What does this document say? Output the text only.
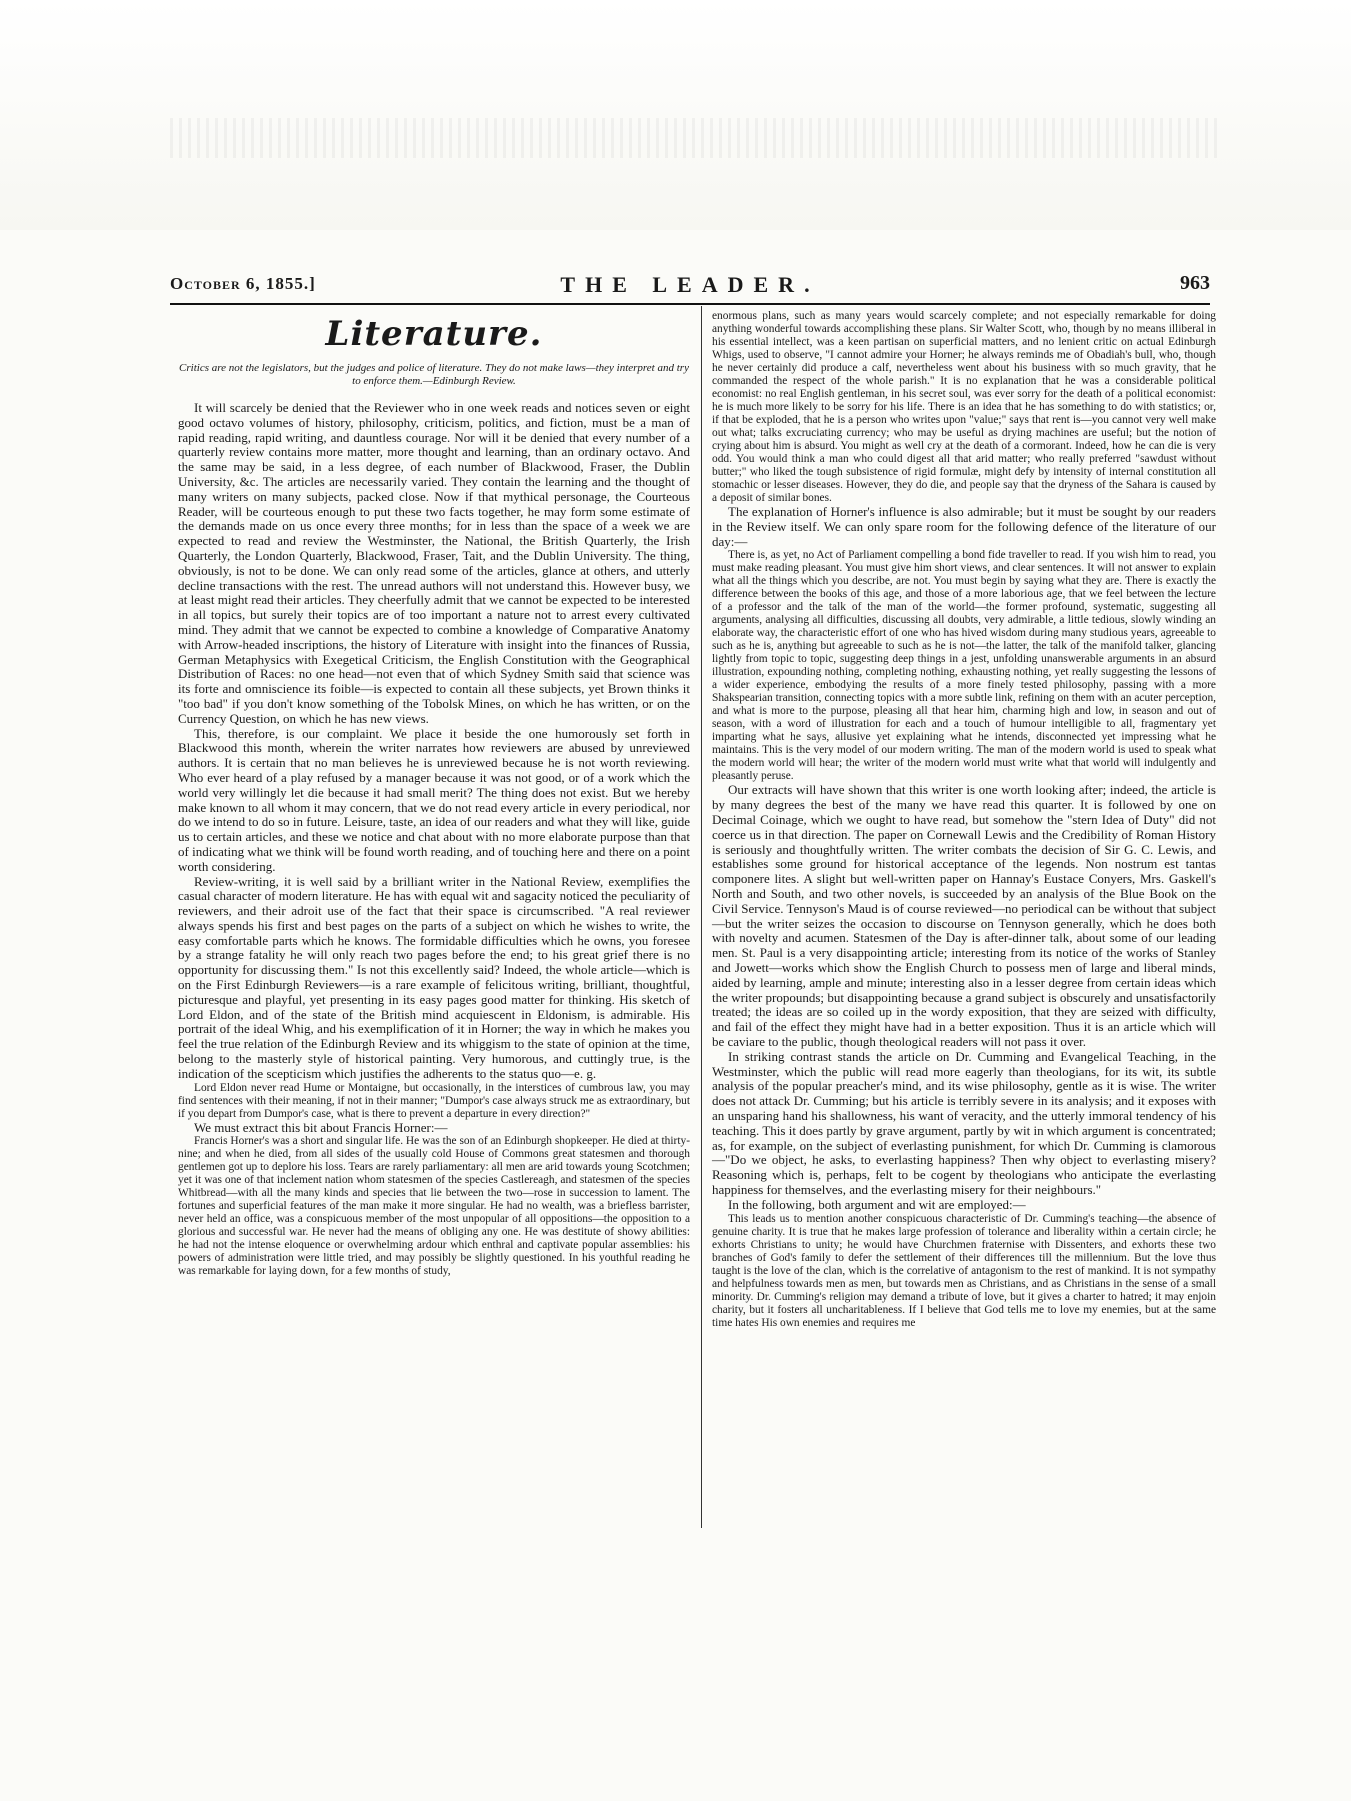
October 6, 1855.]	THE LEADER.	963
Literature.
Critics are not the legislators, but the judges and police of literature. They do not make laws—they interpret and try to enforce them.—Edinburgh Review.

It will scarcely be denied that the Reviewer who in one week reads and notices seven or eight good octavo volumes of history, philosophy, criticism, politics, and fiction, must be a man of rapid reading, rapid writing, and dauntless courage. Nor will it be denied that every number of a quarterly review contains more matter, more thought and learning, than an ordinary octavo. And the same may be said, in a less degree, of each number of Blackwood, Fraser, the Dublin University, &c. The articles are necessarily varied. They contain the learning and the thought of many writers on many subjects, packed close. Now if that mythical personage, the Courteous Reader, will be courteous enough to put these two facts together, he may form some estimate of the demands made on us once every three months; for in less than the space of a week we are expected to read and review the Westminster, the National, the British Quarterly, the Irish Quarterly, the London Quarterly, Blackwood, Fraser, Tait, and the Dublin University. The thing, obviously, is not to be done. We can only read some of the articles, glance at others, and utterly decline transactions with the rest. The unread authors will not understand this. However busy, we at least might read their articles. They cheerfully admit that we cannot be expected to be interested in all topics, but surely their topics are of too important a nature not to arrest every cultivated mind. They admit that we cannot be expected to combine a knowledge of Comparative Anatomy with Arrow-headed inscriptions, the history of Literature with insight into the finances of Russia, German Metaphysics with Exegetical Criticism, the English Constitution with the Geographical Distribution of Races: no one head—not even that of which Sydney Smith said that science was its forte and omniscience its foible—is expected to contain all these subjects, yet Brown thinks it "too bad" if you don't know something of the Tobolsk Mines, on which he has written, or on the Currency Question, on which he has new views.

This, therefore, is our complaint. We place it beside the one humorously set forth in Blackwood this month, wherein the writer narrates how reviewers are abused by unreviewed authors. It is certain that no man believes he is unreviewed because he is not worth reviewing. Who ever heard of a play refused by a manager because it was not good, or of a work which the world very willingly let die because it had small merit? The thing does not exist. But we hereby make known to all whom it may concern, that we do not read every article in every periodical, nor do we intend to do so in future. Leisure, taste, an idea of our readers and what they will like, guide us to certain articles, and these we notice and chat about with no more elaborate purpose than that of indicating what we think will be found worth reading, and of touching here and there on a point worth considering.

Review-writing, it is well said by a brilliant writer in the National Review, exemplifies the casual character of modern literature. He has with equal wit and sagacity noticed the peculiarity of reviewers, and their adroit use of the fact that their space is circumscribed. "A real reviewer always spends his first and best pages on the parts of a subject on which he wishes to write, the easy comfortable parts which he knows. The formidable difficulties which he owns, you foresee by a strange fatality he will only reach two pages before the end; to his great grief there is no opportunity for discussing them." Is not this excellently said? Indeed, the whole article—which is on the First Edinburgh Reviewers—is a rare example of felicitous writing, brilliant, thoughtful, picturesque and playful, yet presenting in its easy pages good matter for thinking. His sketch of Lord Eldon, and of the state of the British mind acquiescent in Eldonism, is admirable. His portrait of the ideal Whig, and his exemplification of it in Horner; the way in which he makes you feel the true relation of the Edinburgh Review and its whiggism to the state of opinion at the time, belong to the masterly style of historical painting. Very humorous, and cuttingly true, is the indication of the scepticism which justifies the adherents to the status quo—e. g.

Lord Eldon never read Hume or Montaigne, but occasionally, in the interstices of cumbrous law, you may find sentences with their meaning, if not in their manner; "Dumpor's case always struck me as extraordinary, but if you depart from Dumpor's case, what is there to prevent a departure in every direction?"

We must extract this bit about Francis Horner:—

Francis Horner's was a short and singular life. He was the son of an Edinburgh shopkeeper. He died at thirty-nine; and when he died, from all sides of the usually cold House of Commons great statesmen and thorough gentlemen got up to deplore his loss. Tears are rarely parliamentary: all men are arid towards young Scotchmen; yet it was one of that inclement nation whom statesmen of the species Castlereagh, and statesmen of the species Whitbread—with all the many kinds and species that lie between the two—rose in succession to lament. The fortunes and superficial features of the man make it more singular. He had no wealth, was a briefless barrister, never held an office, was a conspicuous member of the most unpopular of all oppositions—the opposition to a glorious and successful war. He never had the means of obliging any one. He was destitute of showy abilities: he had not the intense eloquence or overwhelming ardour which enthral and captivate popular assemblies: his powers of administration were little tried, and may possibly be slightly questioned. In his youthful reading he was remarkable for laying down, for a few months of study,

enormous plans, such as many years would scarcely complete; and not especially remarkable for doing anything wonderful towards accomplishing these plans. Sir Walter Scott, who, though by no means illiberal in his essential intellect, was a keen partisan on superficial matters, and no lenient critic on actual Edinburgh Whigs, used to observe, "I cannot admire your Horner; he always reminds me of Obadiah's bull, who, though he never certainly did produce a calf, nevertheless went about his business with so much gravity, that he commanded the respect of the whole parish." It is no explanation that he was a considerable political economist: no real English gentleman, in his secret soul, was ever sorry for the death of a political economist: he is much more likely to be sorry for his life. There is an idea that he has something to do with statistics; or, if that be exploded, that he is a person who writes upon "value;" says that rent is—you cannot very well make out what; talks excruciating currency; who may be useful as drying machines are useful; but the notion of crying about him is absurd. You might as well cry at the death of a cormorant. Indeed, how he can die is very odd. You would think a man who could digest all that arid matter; who really preferred "sawdust without butter;" who liked the tough subsistence of rigid formulæ, might defy by intensity of internal constitution all stomachic or lesser diseases. However, they do die, and people say that the dryness of the Sahara is caused by a deposit of similar bones.

The explanation of Horner's influence is also admirable; but it must be sought by our readers in the Review itself. We can only spare room for the following defence of the literature of our day:—

There is, as yet, no Act of Parliament compelling a bond fide traveller to read. If you wish him to read, you must make reading pleasant. You must give him short views, and clear sentences. It will not answer to explain what all the things which you describe, are not. You must begin by saying what they are. There is exactly the difference between the books of this age, and those of a more laborious age, that we feel between the lecture of a professor and the talk of the man of the world—the former profound, systematic, suggesting all arguments, analysing all difficulties, discussing all doubts, very admirable, a little tedious, slowly winding an elaborate way, the characteristic effort of one who has hived wisdom during many studious years, agreeable to such as he is, anything but agreeable to such as he is not—the latter, the talk of the manifold talker, glancing lightly from topic to topic, suggesting deep things in a jest, unfolding unanswerable arguments in an absurd illustration, expounding nothing, completing nothing, exhausting nothing, yet really suggesting the lessons of a wider experience, embodying the results of a more finely tested philosophy, passing with a more Shakspearian transition, connecting topics with a more subtle link, refining on them with an acuter perception, and what is more to the purpose, pleasing all that hear him, charming high and low, in season and out of season, with a word of illustration for each and a touch of humour intelligible to all, fragmentary yet imparting what he says, allusive yet explaining what he intends, disconnected yet impressing what he maintains. This is the very model of our modern writing. The man of the modern world is used to speak what the modern world will hear; the writer of the modern world must write what that world will indulgently and pleasantly peruse.

Our extracts will have shown that this writer is one worth looking after; indeed, the article is by many degrees the best of the many we have read this quarter. It is followed by one on Decimal Coinage, which we ought to have read, but somehow the "stern Idea of Duty" did not coerce us in that direction. The paper on Cornewall Lewis and the Credibility of Roman History is seriously and thoughtfully written. The writer combats the decision of Sir G. C. Lewis, and establishes some ground for historical acceptance of the legends. Non nostrum est tantas componere lites. A slight but well-written paper on Hannay's Eustace Conyers, Mrs. Gaskell's North and South, and two other novels, is succeeded by an analysis of the Blue Book on the Civil Service. Tennyson's Maud is of course reviewed—no periodical can be without that subject—but the writer seizes the occasion to discourse on Tennyson generally, which he does both with novelty and acumen. Statesmen of the Day is after-dinner talk, about some of our leading men. St. Paul is a very disappointing article; interesting from its notice of the works of Stanley and Jowett—works which show the English Church to possess men of large and liberal minds, aided by learning, ample and minute; interesting also in a lesser degree from certain ideas which the writer propounds; but disappointing because a grand subject is obscurely and unsatisfactorily treated; the ideas are so coiled up in the wordy exposition, that they are seized with difficulty, and fail of the effect they might have had in a better exposition. Thus it is an article which will be caviare to the public, though theological readers will not pass it over.

In striking contrast stands the article on Dr. Cumming and Evangelical Teaching, in the Westminster, which the public will read more eagerly than theologians, for its wit, its subtle analysis of the popular preacher's mind, and its wise philosophy, gentle as it is wise. The writer does not attack Dr. Cumming; but his article is terribly severe in its analysis; and it exposes with an unsparing hand his shallowness, his want of veracity, and the utterly immoral tendency of his teaching. This it does partly by grave argument, partly by wit in which argument is concentrated; as, for example, on the subject of everlasting punishment, for which Dr. Cumming is clamorous—"Do we object, he asks, to everlasting happiness? Then why object to everlasting misery? Reasoning which is, perhaps, felt to be cogent by theologians who anticipate the everlasting happiness for themselves, and the everlasting misery for their neighbours."

In the following, both argument and wit are employed:—

This leads us to mention another conspicuous characteristic of Dr. Cumming's teaching—the absence of genuine charity. It is true that he makes large profession of tolerance and liberality within a certain circle; he exhorts Christians to unity; he would have Churchmen fraternise with Dissenters, and exhorts these two branches of God's family to defer the settlement of their differences till the millennium. But the love thus taught is the love of the clan, which is the correlative of antagonism to the rest of mankind. It is not sympathy and helpfulness towards men as men, but towards men as Christians, and as Christians in the sense of a small minority. Dr. Cumming's religion may demand a tribute of love, but it gives a charter to hatred; it may enjoin charity, but it fosters all uncharitableness. If I believe that God tells me to love my enemies, but at the same time hates His own enemies and requires me
